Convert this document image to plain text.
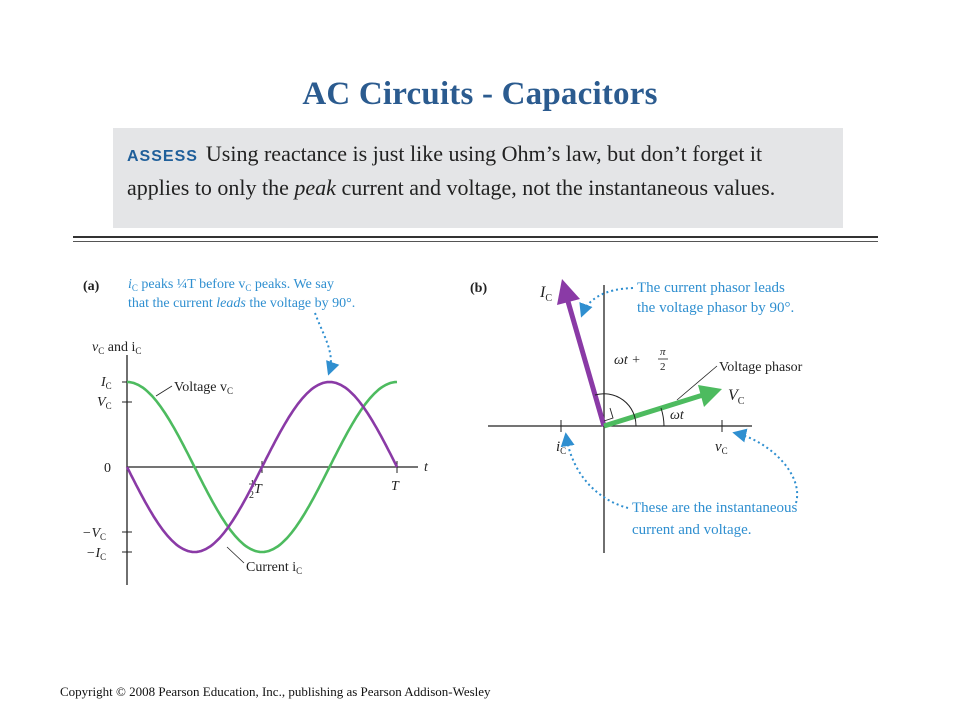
AC Circuits - Capacitors
ASSESS Using reactance is just like using Ohm’s law, but don’t forget it applies to only the peak current and voltage, not the instantaneous values.
(a) $i_C$ peaks ¼T before $v_C$ peaks. We say
that the current leads the voltage by 90°.
t
$v_C$ and $i_C$
$I_C$
$V_C$
0
$-V_C$
$-I_C$
$^1$ 2T	T
Voltage $v_C$
Current $i_C$
(b)	$I_C$
$V_C$
ωt
ωt +
π
2	Voltage phasor
The current phasor leads
the voltage phasor by 90°.
$i_C$	$v_C$
These are the instantaneous
current and voltage.
Copyright © 2008 Pearson Education, Inc., publishing as Pearson Addison-Wesley
